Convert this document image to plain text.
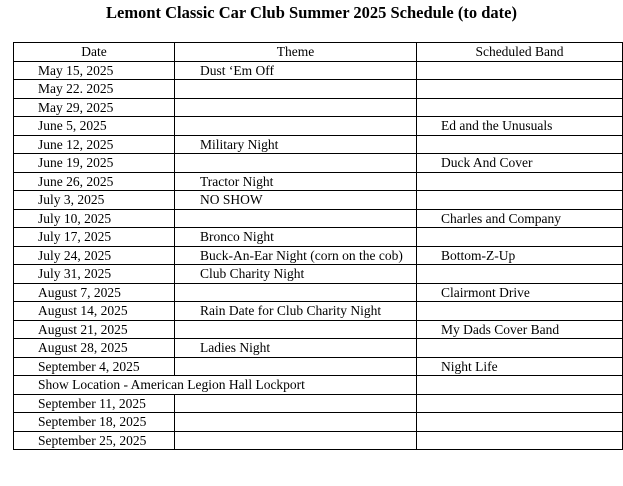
Lemont Classic Car Club Summer 2025 Schedule (to date)
Date	Theme	Scheduled Band
May 15, 2025	Dust ‘Em Off	
May 22. 2025		
May 29, 2025		
June 5, 2025		Ed and the Unusuals
June 12, 2025	Military Night	
June 19, 2025		Duck And Cover
June 26, 2025	Tractor Night	
July 3, 2025	NO SHOW	
July 10, 2025		Charles and Company
July 17, 2025	Bronco Night	
July 24, 2025	Buck-An-Ear Night (corn on the cob)	Bottom-Z-Up
July 31, 2025	Club Charity Night	
August 7, 2025		Clairmont Drive
August 14, 2025	Rain Date for Club Charity Night	
August 21, 2025		My Dads Cover Band
August 28, 2025	Ladies Night	
September 4, 2025		Night Life
Show Location - American Legion Hall Lockport		
September 11, 2025		
September 18, 2025		
September 25, 2025		
